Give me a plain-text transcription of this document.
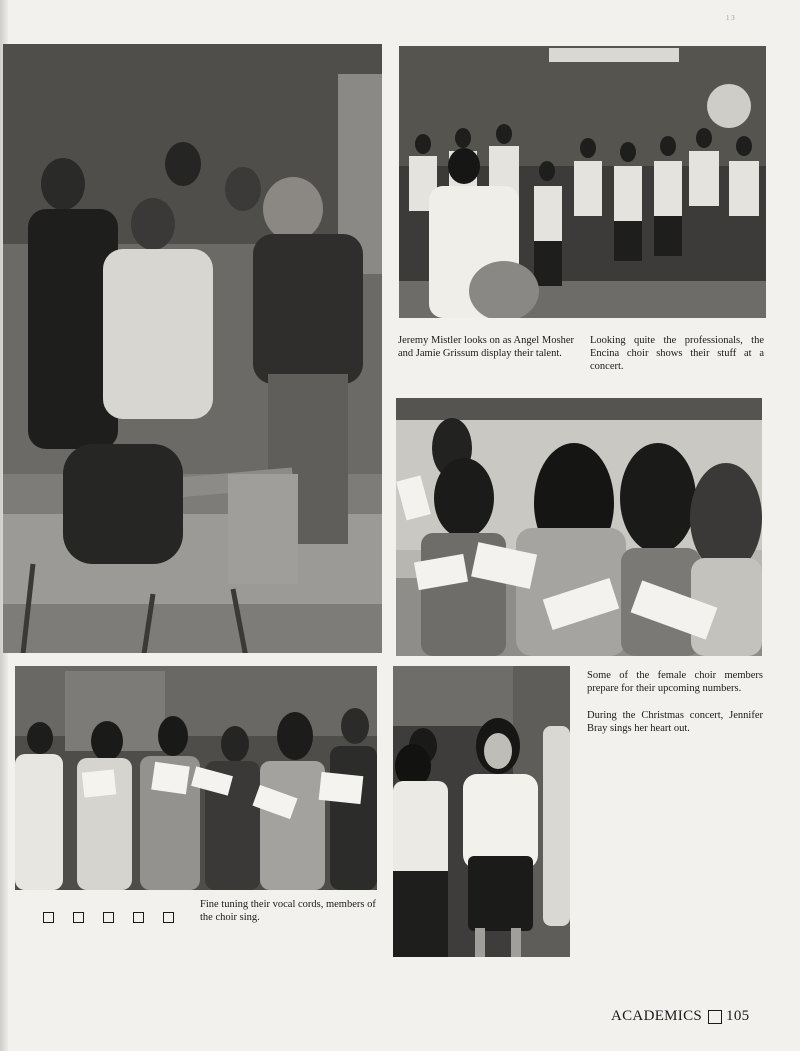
1 3

Jeremy Mistler looks on as Angel Mosher and Jamie Grissum display their talent.

Looking quite the professionals, the Encina choir shows their stuff at a concert.

Some of the female choir members prepare for their upcoming numbers.

During the Christmas concert, Jennifer Bray sings her heart out.

Fine tuning their vocal cords, members of the choir sing.

ACADEMICS 105
